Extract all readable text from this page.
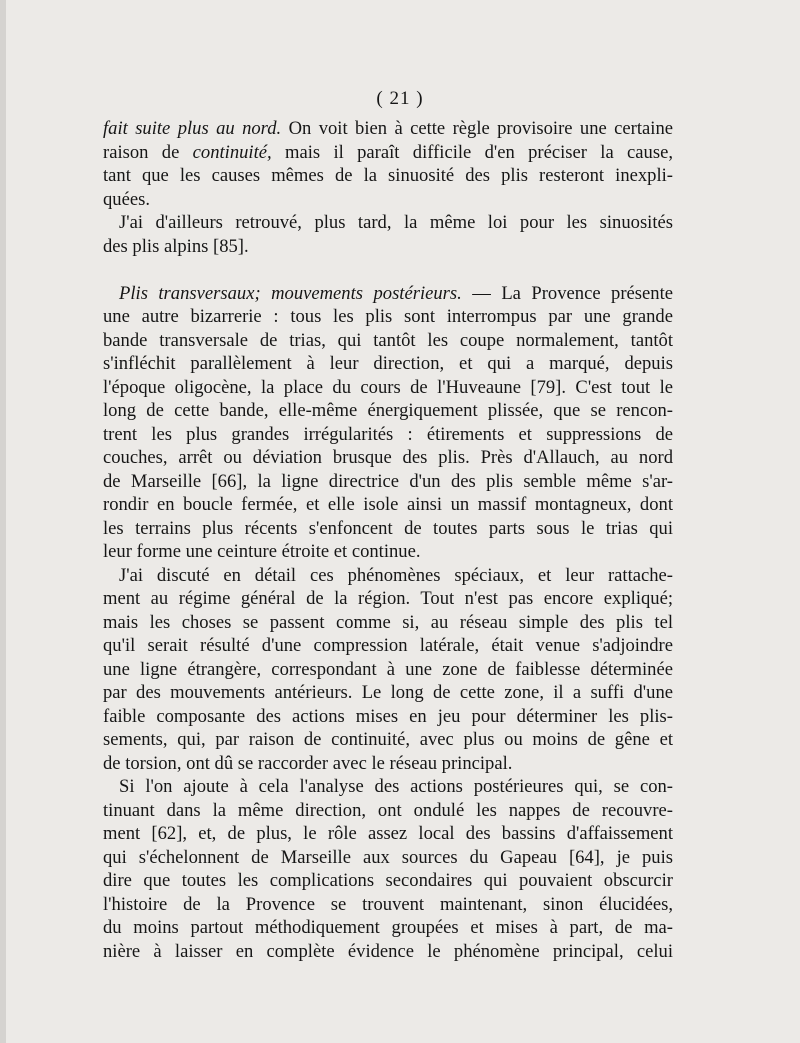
( 21 )
fait suite plus au nord. On voit bien à cette règle provisoire une certaine
raison de continuité, mais il paraît difficile d'en préciser la cause,
tant que les causes mêmes de la sinuosité des plis resteront inexpli-
quées.
J'ai d'ailleurs retrouvé, plus tard, la même loi pour les sinuosités
des plis alpins [85].
Plis transversaux; mouvements postérieurs. — La Provence présente
une autre bizarrerie : tous les plis sont interrompus par une grande
bande transversale de trias, qui tantôt les coupe normalement, tantôt
s'infléchit parallèlement à leur direction, et qui a marqué, depuis
l'époque oligocène, la place du cours de l'Huveaune [79]. C'est tout le
long de cette bande, elle-même énergiquement plissée, que se rencon-
trent les plus grandes irrégularités : étirements et suppressions de
couches, arrêt ou déviation brusque des plis. Près d'Allauch, au nord
de Marseille [66], la ligne directrice d'un des plis semble même s'ar-
rondir en boucle fermée, et elle isole ainsi un massif montagneux, dont
les terrains plus récents s'enfoncent de toutes parts sous le trias qui
leur forme une ceinture étroite et continue.
J'ai discuté en détail ces phénomènes spéciaux, et leur rattache-
ment au régime général de la région. Tout n'est pas encore expliqué;
mais les choses se passent comme si, au réseau simple des plis tel
qu'il serait résulté d'une compression latérale, était venue s'adjoindre
une ligne étrangère, correspondant à une zone de faiblesse déterminée
par des mouvements antérieurs. Le long de cette zone, il a suffi d'une
faible composante des actions mises en jeu pour déterminer les plis-
sements, qui, par raison de continuité, avec plus ou moins de gêne et
de torsion, ont dû se raccorder avec le réseau principal.
Si l'on ajoute à cela l'analyse des actions postérieures qui, se con-
tinuant dans la même direction, ont ondulé les nappes de recouvre-
ment [62], et, de plus, le rôle assez local des bassins d'affaissement
qui s'échelonnent de Marseille aux sources du Gapeau [64], je puis
dire que toutes les complications secondaires qui pouvaient obscurcir
l'histoire de la Provence se trouvent maintenant, sinon élucidées,
du moins partout méthodiquement groupées et mises à part, de ma-
nière à laisser en complète évidence le phénomène principal, celui
